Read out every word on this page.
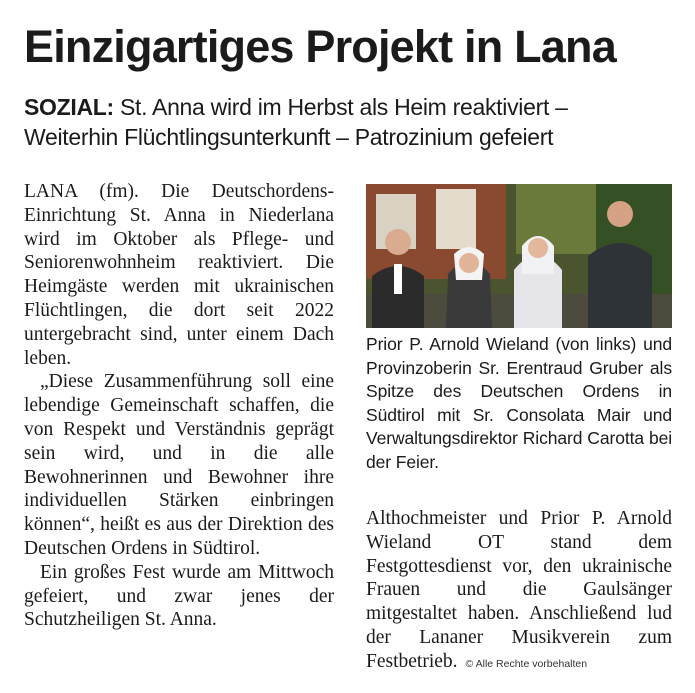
Einzigartiges Projekt in Lana
SOZIAL: St. Anna wird im Herbst als Heim reaktiviert –
Weiterhin Flüchtlingsunterkunft – Patrozinium gefeiert

LANA (fm). Die Deutschordens-Einrichtung St. Anna in Niederlana wird im Oktober als Pflege- und Seniorenwohnheim reaktiviert. Die Heimgäste werden mit ukrainischen Flüchtlingen, die dort seit 2022 untergebracht sind, unter einem Dach leben.

„Diese Zusammenführung soll eine lebendige Gemeinschaft schaffen, die von Respekt und Verständnis geprägt sein wird, und in die alle Bewohnerinnen und Bewohner ihre individuellen Stärken einbringen können“, heißt es aus der Direktion des Deutschen Ordens in Südtirol.

Ein großes Fest wurde am Mittwoch gefeiert, und zwar jenes der Schutzheiligen St. Anna.

Prior P. Arnold Wieland (von links) und Provinzoberin Sr. Erentraud Gruber als Spitze des Deutschen Ordens in Südtirol mit Sr. Consolata Mair und Verwaltungsdirektor Richard Carotta bei der Feier.

Althochmeister und Prior P. Arnold Wieland OT stand dem Festgottesdienst vor, den ukrainische Frauen und die Gaulsänger mitgestaltet haben. Anschließend lud der Lananer Musikverein zum Festbetrieb. © Alle Rechte vorbehalten
